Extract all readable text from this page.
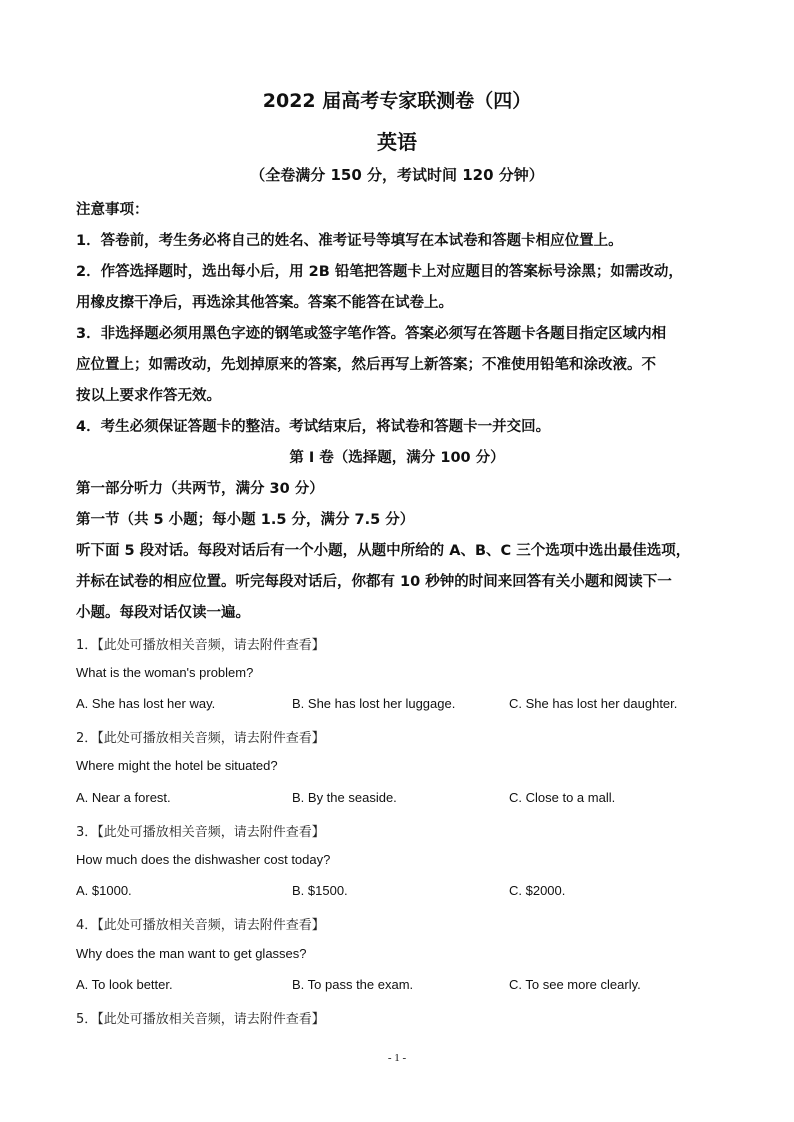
2022 届高考专家联测卷（四）
英语
（全卷满分 150 分，考试时间 120 分钟）
注意事项：
1．答卷前，考生务必将自己的姓名、准考证号等填写在本试卷和答题卡相应位置上。
2．作答选择题时，选出每小后，用 2B 铅笔把答题卡上对应题目的答案标号涂黑；如需改动，
用橡皮擦干净后，再选涂其他答案。答案不能答在试卷上。
3．非选择题必须用黑色字迹的钢笔或签字笔作答。答案必须写在答题卡各题目指定区域内相
应位置上；如需改动，先划掉原来的答案，然后再写上新答案；不准使用铅笔和涂改液。不
按以上要求作答无效。
4．考生必须保证答题卡的整洁。考试结束后，将试卷和答题卡一并交回。
第 I 卷（选择题，满分 100 分）
第一部分听力（共两节，满分 30 分）
第一节（共 5 小题；每小题 1.5 分，满分 7.5 分）
听下面 5 段对话。每段对话后有一个小题，从题中所给的 A、B、C 三个选项中选出最佳选项，
并标在试卷的相应位置。听完每段对话后，你都有 10 秒钟的时间来回答有关小题和阅读下一
小题。每段对话仅读一遍。
1．【此处可播放相关音频，请去附件查看】
What is the woman's problem?
A. She has lost her way.	B. She has lost her luggage.	C. She has lost her daughter.
2．【此处可播放相关音频，请去附件查看】
Where might the hotel be situated?
A. Near a forest.	B. By the seaside.	C. Close to a mall.
3．【此处可播放相关音频，请去附件查看】
How much does the dishwasher cost today?
A. $1000.	B. $1500.	C. $2000.
4．【此处可播放相关音频，请去附件查看】
Why does the man want to get glasses?
A. To look better.	B. To pass the exam.	C. To see more clearly.
5．【此处可播放相关音频，请去附件查看】
- 1 -
